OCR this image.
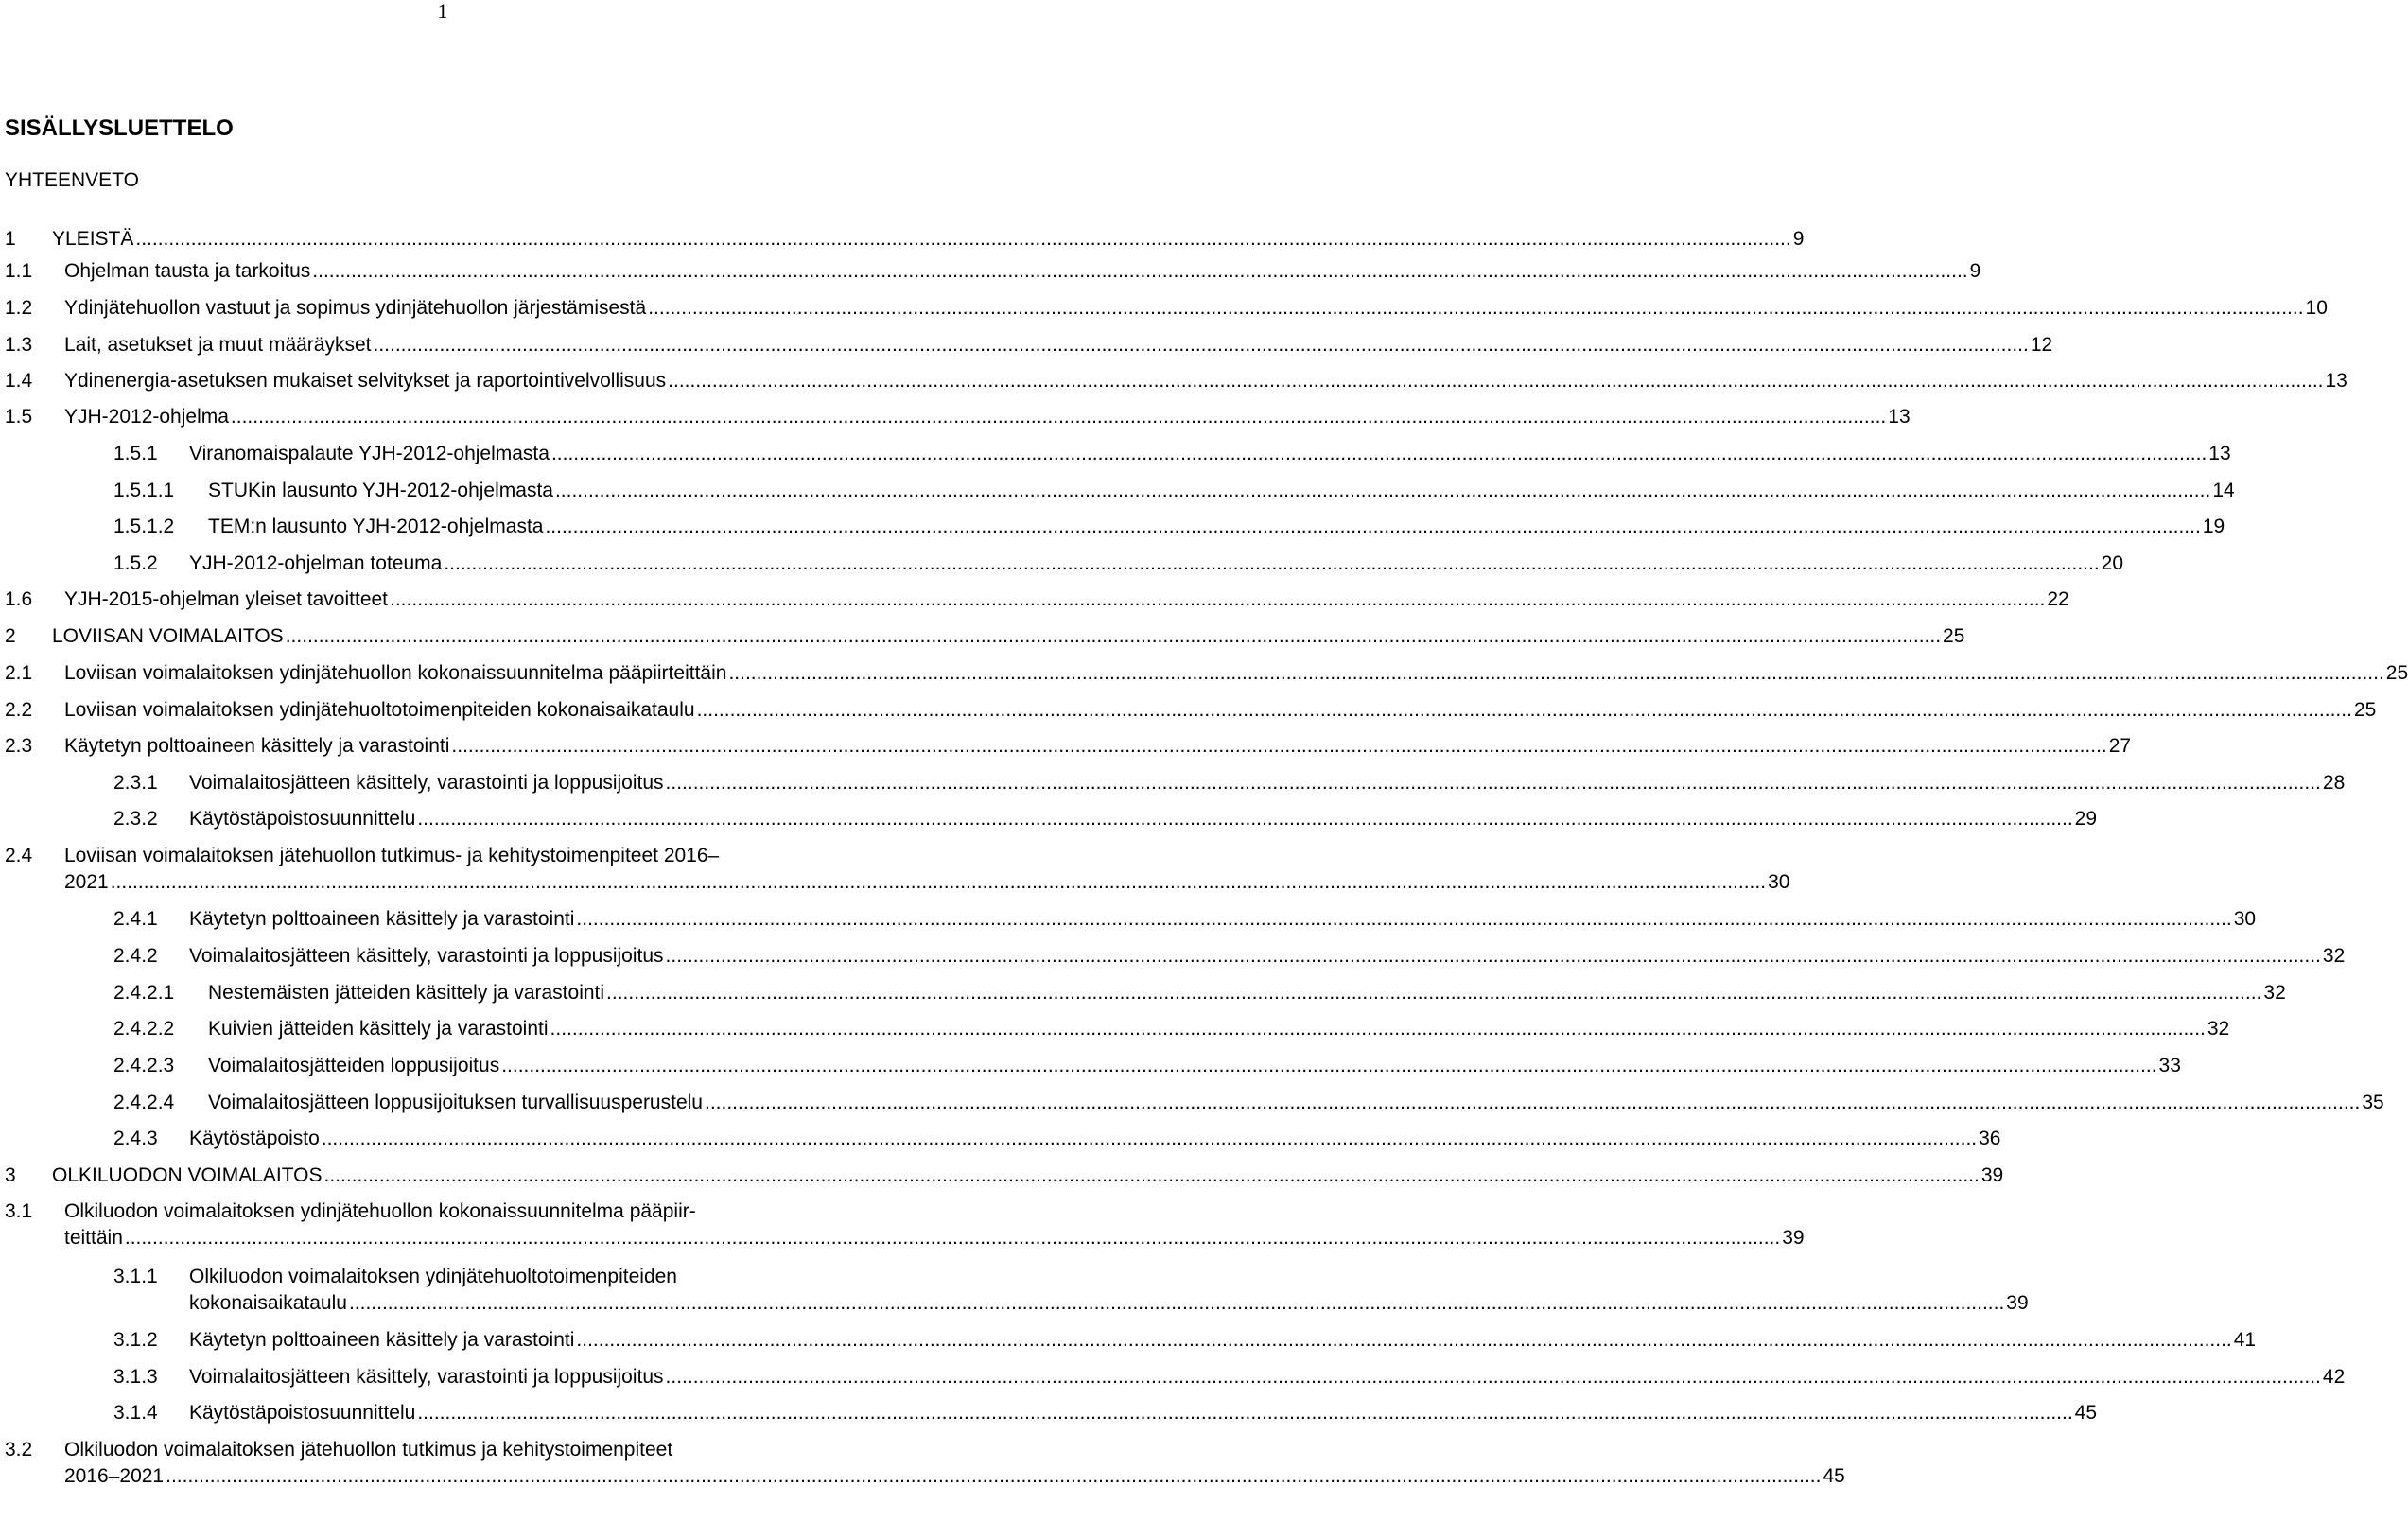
1
SISÄLLYSLUETTELO
YHTEENVETO
1 YLEISTÄ ............................................................................................................................................................................................................................................................................................................ 9
1.1 Ohjelman tausta ja tarkoitus ............................................................................................................................................................................................................................................................................................................ 9
1.2 Ydinjätehuollon vastuut ja sopimus ydinjätehuollon järjestämisestä ............................................................................................................................................................................................................................................................................................................ 10
1.3 Lait, asetukset ja muut määräykset ............................................................................................................................................................................................................................................................................................................ 12
1.4 Ydinenergia-asetuksen mukaiset selvitykset ja raportointivelvollisuus ............................................................................................................................................................................................................................................................................................................ 13
1.5 YJH-2012-ohjelma ............................................................................................................................................................................................................................................................................................................ 13
1.5.1 Viranomaispalaute YJH-2012-ohjelmasta ............................................................................................................................................................................................................................................................................................................ 13
1.5.1.1 STUKin lausunto YJH-2012-ohjelmasta ............................................................................................................................................................................................................................................................................................................ 14
1.5.1.2 TEM:n lausunto YJH-2012-ohjelmasta ............................................................................................................................................................................................................................................................................................................ 19
1.5.2 YJH-2012-ohjelman toteuma ............................................................................................................................................................................................................................................................................................................ 20
1.6 YJH-2015-ohjelman yleiset tavoitteet ............................................................................................................................................................................................................................................................................................................ 22
2 LOVIISAN VOIMALAITOS ............................................................................................................................................................................................................................................................................................................ 25
2.1 Loviisan voimalaitoksen ydinjätehuollon kokonaissuunnitelma pääpiirteittäin ............................................................................................................................................................................................................................................................................................................ 25
2.2 Loviisan voimalaitoksen ydinjätehuoltotoimenpiteiden kokonaisaikataulu ............................................................................................................................................................................................................................................................................................................ 25
2.3 Käytetyn polttoaineen käsittely ja varastointi ............................................................................................................................................................................................................................................................................................................ 27
2.3.1 Voimalaitosjätteen käsittely, varastointi ja loppusijoitus ............................................................................................................................................................................................................................................................................................................ 28
2.3.2 Käytöstäpoistosuunnittelu ............................................................................................................................................................................................................................................................................................................ 29
2.4 Loviisan voimalaitoksen jätehuollon tutkimus- ja kehitystoimenpiteet 2016–
2021 ............................................................................................................................................................................................................................................................................................................ 30
2.4.1 Käytetyn polttoaineen käsittely ja varastointi ............................................................................................................................................................................................................................................................................................................ 30
2.4.2 Voimalaitosjätteen käsittely, varastointi ja loppusijoitus ............................................................................................................................................................................................................................................................................................................ 32
2.4.2.1 Nestemäisten jätteiden käsittely ja varastointi ............................................................................................................................................................................................................................................................................................................ 32
2.4.2.2 Kuivien jätteiden käsittely ja varastointi ............................................................................................................................................................................................................................................................................................................ 32
2.4.2.3 Voimalaitosjätteiden loppusijoitus ............................................................................................................................................................................................................................................................................................................ 33
2.4.2.4 Voimalaitosjätteen loppusijoituksen turvallisuusperustelu ............................................................................................................................................................................................................................................................................................................ 35
2.4.3 Käytöstäpoisto ............................................................................................................................................................................................................................................................................................................ 36
3 OLKILUODON VOIMALAITOS ............................................................................................................................................................................................................................................................................................................ 39
3.1 Olkiluodon voimalaitoksen ydinjätehuollon kokonaissuunnitelma pääpiir-
teittäin ............................................................................................................................................................................................................................................................................................................ 39
3.1.1 Olkiluodon voimalaitoksen ydinjätehuoltotoimenpiteiden
kokonaisaikataulu ............................................................................................................................................................................................................................................................................................................ 39
3.1.2 Käytetyn polttoaineen käsittely ja varastointi ............................................................................................................................................................................................................................................................................................................ 41
3.1.3 Voimalaitosjätteen käsittely, varastointi ja loppusijoitus ............................................................................................................................................................................................................................................................................................................ 42
3.1.4 Käytöstäpoistosuunnittelu ............................................................................................................................................................................................................................................................................................................ 45
3.2 Olkiluodon voimalaitoksen jätehuollon tutkimus ja kehitystoimenpiteet
2016–2021 ............................................................................................................................................................................................................................................................................................................ 45
